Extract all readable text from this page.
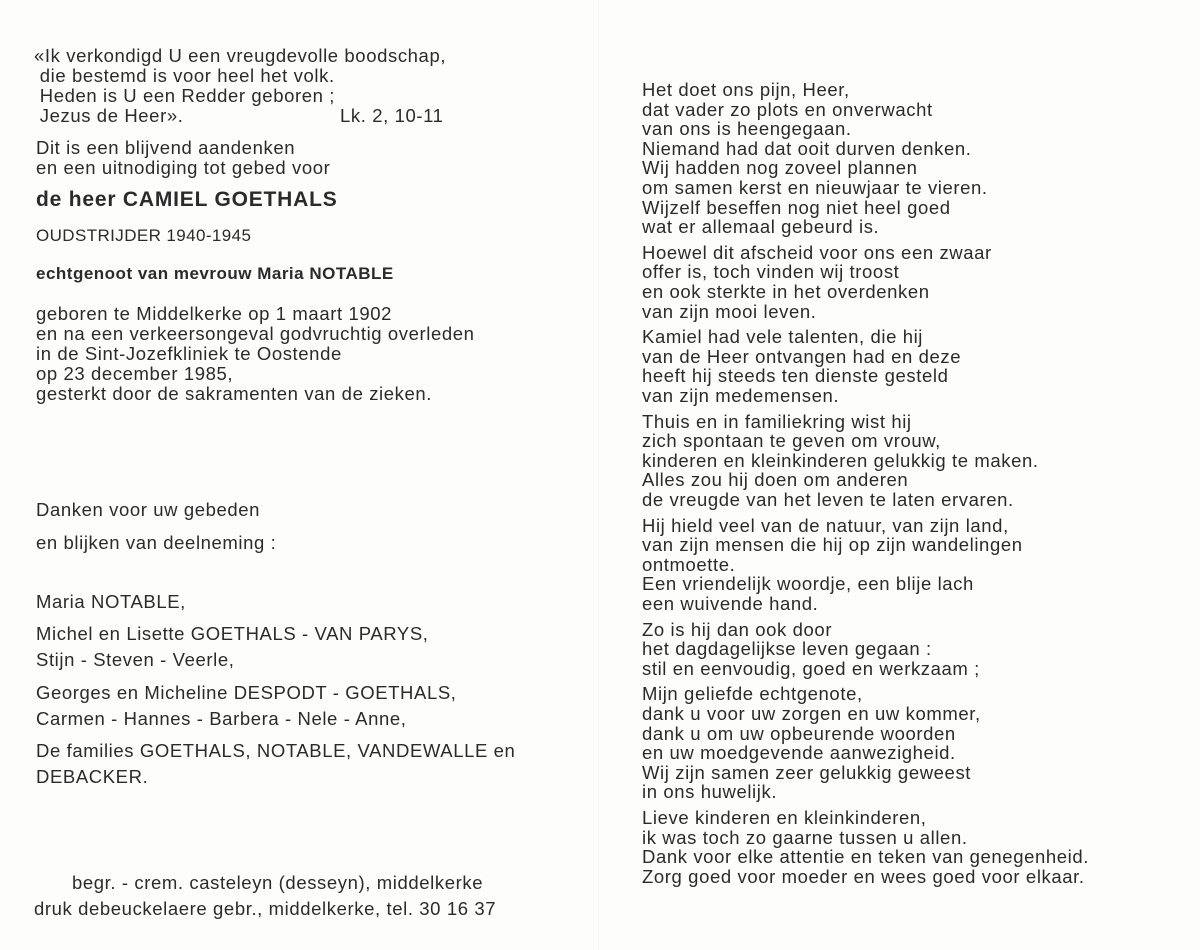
«Ik verkondigd U een vreugdevolle boodschap,
die bestemd is voor heel het volk.
Heden is U een Redder geboren ;
Jezus de Heer».	Lk. 2, 10-11
Dit is een blijvend aandenken
en een uitnodiging tot gebed voor
de heer CAMIEL GOETHALS
OUDSTRIJDER 1940-1945
echtgenoot van mevrouw Maria NOTABLE
geboren te Middelkerke op 1 maart 1902
en na een verkeersongeval godvruchtig overleden
in de Sint-Jozefkliniek te Oostende
op 23 december 1985,
gesterkt door de sakramenten van de zieken.
Danken voor uw gebeden
en blijken van deelneming :
Maria NOTABLE,
Michel en Lisette GOETHALS - VAN PARYS,
Stijn - Steven - Veerle,
Georges en Micheline DESPODT - GOETHALS,
Carmen - Hannes - Barbera - Nele - Anne,
De families GOETHALS, NOTABLE, VANDEWALLE en
DEBACKER.
begr. - crem. casteleyn (desseyn), middelkerke
druk debeuckelaere gebr., middelkerke, tel. 30 16 37
Het doet ons pijn, Heer,
dat vader zo plots en onverwacht
van ons is heengegaan.
Niemand had dat ooit durven denken.
Wij hadden nog zoveel plannen
om samen kerst en nieuwjaar te vieren.
Wijzelf beseffen nog niet heel goed
wat er allemaal gebeurd is.
Hoewel dit afscheid voor ons een zwaar
offer is, toch vinden wij troost
en ook sterkte in het overdenken
van zijn mooi leven.
Kamiel had vele talenten, die hij
van de Heer ontvangen had en deze
heeft hij steeds ten dienste gesteld
van zijn medemensen.
Thuis en in familiekring wist hij
zich spontaan te geven om vrouw,
kinderen en kleinkinderen gelukkig te maken.
Alles zou hij doen om anderen
de vreugde van het leven te laten ervaren.
Hij hield veel van de natuur, van zijn land,
van zijn mensen die hij op zijn wandelingen
ontmoette.
Een vriendelijk woordje, een blije lach
een wuivende hand.
Zo is hij dan ook door
het dagdagelijkse leven gegaan :
stil en eenvoudig, goed en werkzaam ;
Mijn geliefde echtgenote,
dank u voor uw zorgen en uw kommer,
dank u om uw opbeurende woorden
en uw moedgevende aanwezigheid.
Wij zijn samen zeer gelukkig geweest
in ons huwelijk.
Lieve kinderen en kleinkinderen,
ik was toch zo gaarne tussen u allen.
Dank voor elke attentie en teken van genegenheid.
Zorg goed voor moeder en wees goed voor elkaar.
